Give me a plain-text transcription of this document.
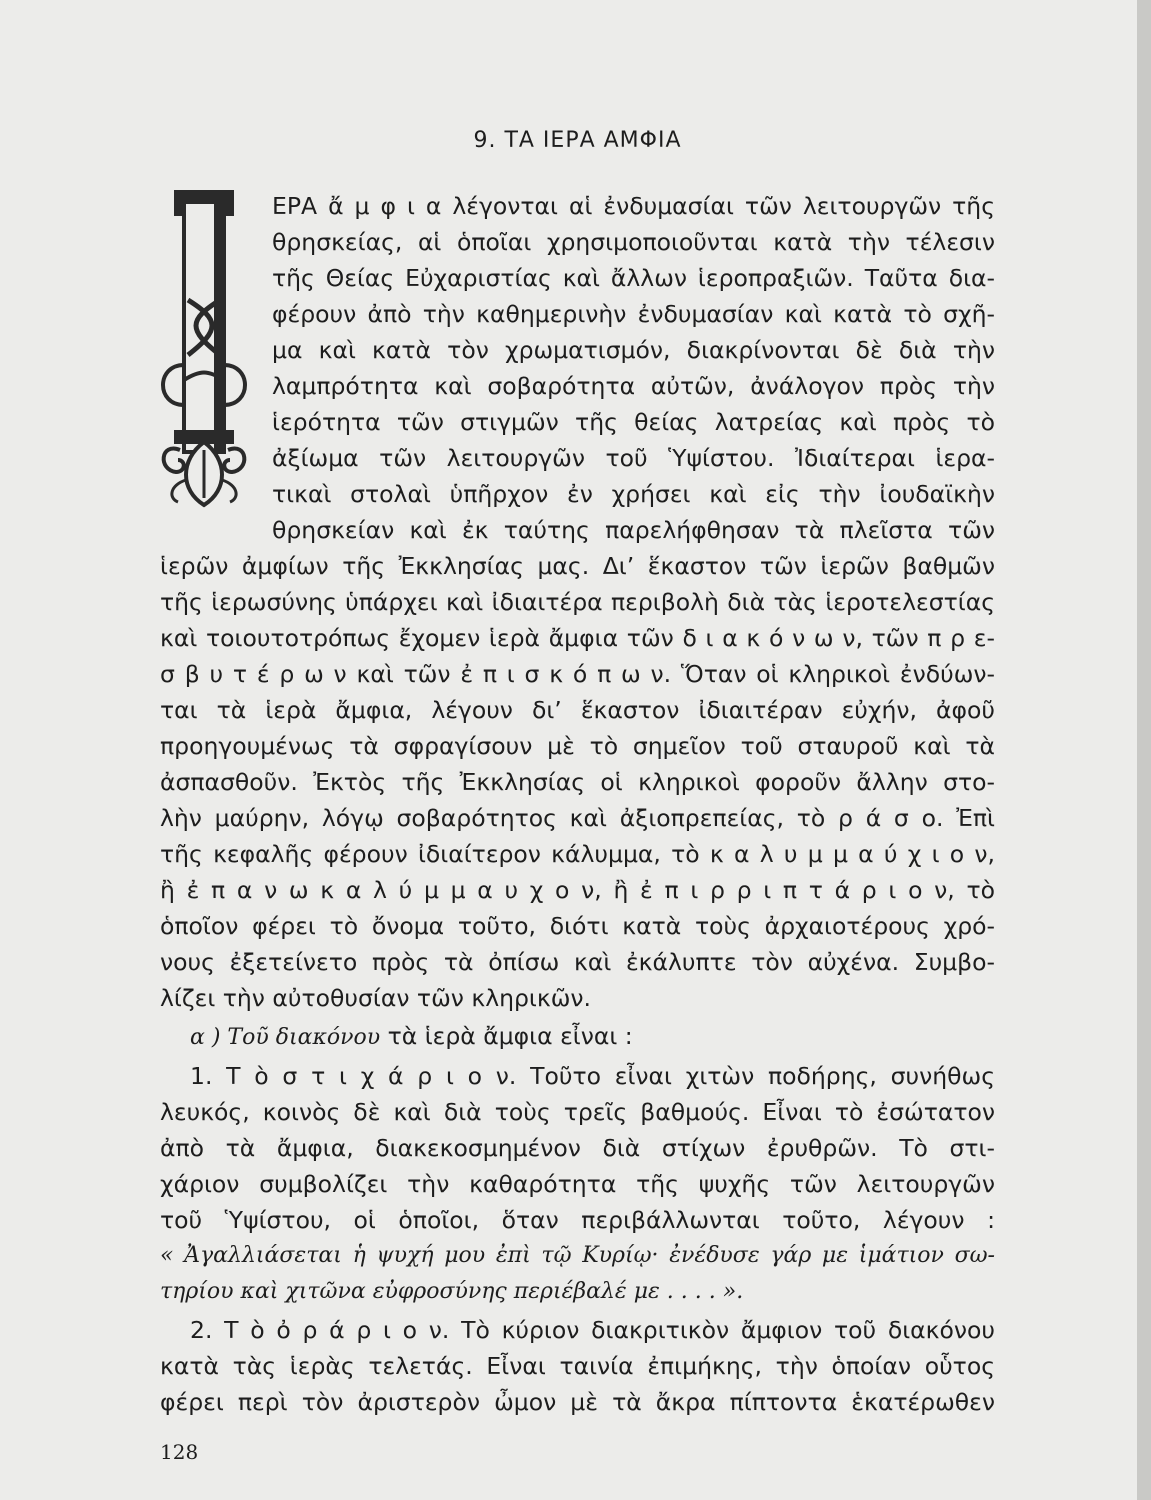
9. ΤΑ ΙΕΡΑ ΑΜΦΙΑ
ΕΡΑ ἄ μ φ ι α λέγονται αἱ ἐνδυμασίαι τῶν λειτουργῶν τῆς
θρησκείας, αἱ ὁποῖαι χρησιμοποιοῦνται κατὰ τὴν τέλεσιν
τῆς Θείας Εὐχαριστίας καὶ ἄλλων ἱεροπραξιῶν. Ταῦτα δια-
φέρουν ἀπὸ τὴν καθημερινὴν ἐνδυμασίαν καὶ κατὰ τὸ σχῆ-
μα καὶ κατὰ τὸν χρωματισμόν, διακρίνονται δὲ διὰ τὴν
λαμπρότητα καὶ σοβαρότητα αὐτῶν, ἀνάλογον πρὸς τὴν
ἱερότητα τῶν στιγμῶν τῆς θείας λατρείας καὶ πρὸς τὸ
ἀξίωμα τῶν λειτουργῶν τοῦ Ὑψίστου. Ἰδιαίτεραι ἱερα-
τικαὶ στολαὶ ὑπῆρχον ἐν χρήσει καὶ εἰς τὴν ἰουδαϊκὴν
θρησκείαν καὶ ἐκ ταύτης παρελήφθησαν τὰ πλεῖστα τῶν
ἱερῶν ἀμφίων τῆς Ἐκκλησίας μας. Δι’ ἕκαστον τῶν ἱερῶν βαθμῶν
τῆς ἱερωσύνης ὑπάρχει καὶ ἰδιαιτέρα περιβολὴ διὰ τὰς ἱεροτελεστίας
καὶ τοιουτοτρόπως ἔχομεν ἱερὰ ἄμφια τῶν δ ι α κ ό ν ω ν, τῶν π ρ ε-
σ β υ τ έ ρ ω ν καὶ τῶν ἐ π ι σ κ ό π ω ν. Ὅταν οἱ κληρικοὶ ἐνδύων-
ται τὰ ἱερὰ ἄμφια, λέγουν δι’ ἕκαστον ἰδιαιτέραν εὐχήν, ἀφοῦ
προηγουμένως τὰ σφραγίσουν μὲ τὸ σημεῖον τοῦ σταυροῦ καὶ τὰ
ἀσπασθοῦν. Ἐκτὸς τῆς Ἐκκλησίας οἱ κληρικοὶ φοροῦν ἄλλην στο-
λὴν μαύρην, λόγῳ σοβαρότητος καὶ ἀξιοπρεπείας, τὸ ρ ά σ ο. Ἐπὶ
τῆς κεφαλῆς φέρουν ἰδιαίτερον κάλυμμα, τὸ κ α λ υ μ μ α ύ χ ι ο ν,
ἢ ἐ π α ν ω κ α λ ύ μ μ α υ χ ο ν, ἢ ἐ π ι ρ ρ ι π τ ά ρ ι ο ν, τὸ
ὁποῖον φέρει τὸ ὄνομα τοῦτο, διότι κατὰ τοὺς ἀρχαιοτέρους χρό-
νους ἐξετείνετο πρὸς τὰ ὀπίσω καὶ ἐκάλυπτε τὸν αὐχένα. Συμβο-
λίζει τὴν αὐτοθυσίαν τῶν κληρικῶν.
α ) Τοῦ διακόνου τὰ ἱερὰ ἄμφια εἶναι :
1. Τ ὸ σ τ ι χ ά ρ ι ο ν. Τοῦτο εἶναι χιτὼν ποδήρης, συνήθως
λευκός, κοινὸς δὲ καὶ διὰ τοὺς τρεῖς βαθμούς. Εἶναι τὸ ἐσώτατον
ἀπὸ τὰ ἄμφια, διακεκοσμημένον διὰ στίχων ἐρυθρῶν. Τὸ στι-
χάριον συμβολίζει τὴν καθαρότητα τῆς ψυχῆς τῶν λειτουργῶν
τοῦ Ὑψίστου, οἱ ὁποῖοι, ὅταν περιβάλλωνται τοῦτο, λέγουν :
« Ἀγαλλιάσεται ἡ ψυχή μου ἐπὶ τῷ Κυρίῳ· ἐνέδυσε γάρ με ἱμάτιον σω-
τηρίου καὶ χιτῶνα εὐφροσύνης περιέβαλέ με . . . . ».
2. Τ ὸ ὀ ρ ά ρ ι ο ν. Τὸ κύριον διακριτικὸν ἄμφιον τοῦ διακόνου
κατὰ τὰς ἱερὰς τελετάς. Εἶναι ταινία ἐπιμήκης, τὴν ὁποίαν οὗτος
φέρει περὶ τὸν ἀριστερὸν ὦμον μὲ τὰ ἄκρα πίπτοντα ἑκατέρωθεν
128
